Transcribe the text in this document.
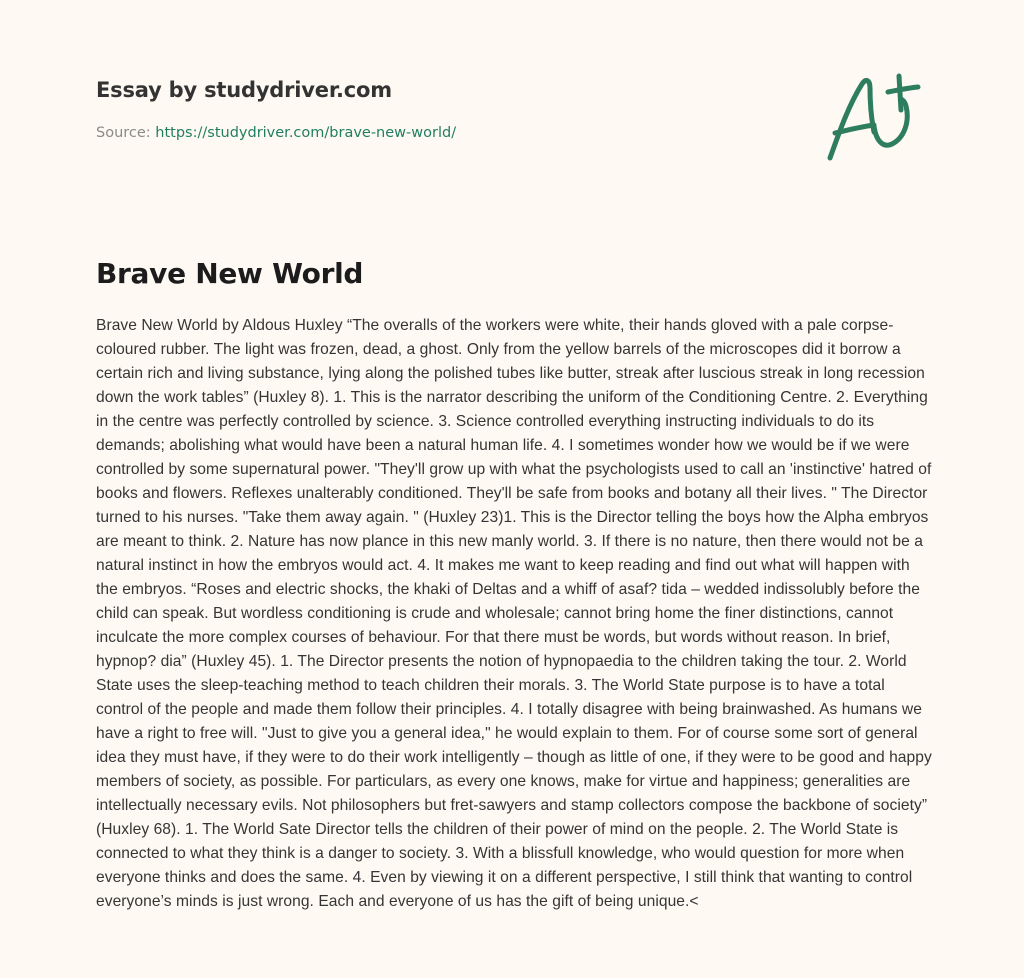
Essay by studydriver.com
Source: https://studydriver.com/brave-new-world/
Brave New World

Brave New World by Aldous Huxley “The overalls of the workers were white, their hands gloved with a pale corpse-coloured rubber. The light was frozen, dead, a ghost. Only from the yellow barrels of the microscopes did it borrow a certain rich and living substance, lying along the polished tubes like butter, streak after luscious streak in long recession down the work tables” (Huxley 8). 1. This is the narrator describing the uniform of the Conditioning Centre. 2. Everything in the centre was perfectly controlled by science. 3. Science controlled everything instructing individuals to do its demands; abolishing what would have been a natural human life. 4. I sometimes wonder how we would be if we were controlled by some supernatural power. "They'll grow up with what the psychologists used to call an 'instinctive' hatred of books and flowers. Reflexes unalterably conditioned. They'll be safe from books and botany all their lives. " The Director turned to his nurses. "Take them away again. " (Huxley 23)1. This is the Director telling the boys how the Alpha embryos are meant to think. 2. Nature has now plance in this new manly world. 3. If there is no nature, then there would not be a natural instinct in how the embryos would act. 4. It makes me want to keep reading and find out what will happen with the embryos. “Roses and electric shocks, the khaki of Deltas and a whiff of asaf? tida – wedded indissolubly before the child can speak. But wordless conditioning is crude and wholesale; cannot bring home the finer distinctions, cannot inculcate the more complex courses of behaviour. For that there must be words, but words without reason. In brief, hypnop? dia” (Huxley 45). 1. The Director presents the notion of hypnopaedia to the children taking the tour. 2. World State uses the sleep-teaching method to teach children their morals. 3. The World State purpose is to have a total control of the people and made them follow their principles. 4. I totally disagree with being brainwashed. As humans we have a right to free will. "Just to give you a general idea," he would explain to them. For of course some sort of general idea they must have, if they were to do their work intelligently – though as little of one, if they were to be good and happy members of society, as possible. For particulars, as every one knows, make for virtue and happiness; generalities are intellectually necessary evils. Not philosophers but fret-sawyers and stamp collectors compose the backbone of society” (Huxley 68). 1. The World Sate Director tells the children of their power of mind on the people. 2. The World State is connected to what they think is a danger to society. 3. With a blissfull knowledge, who would question for more when everyone thinks and does the same. 4. Even by viewing it on a different perspective, I still think that wanting to control everyone’s minds is just wrong. Each and everyone of us has the gift of being unique.<
